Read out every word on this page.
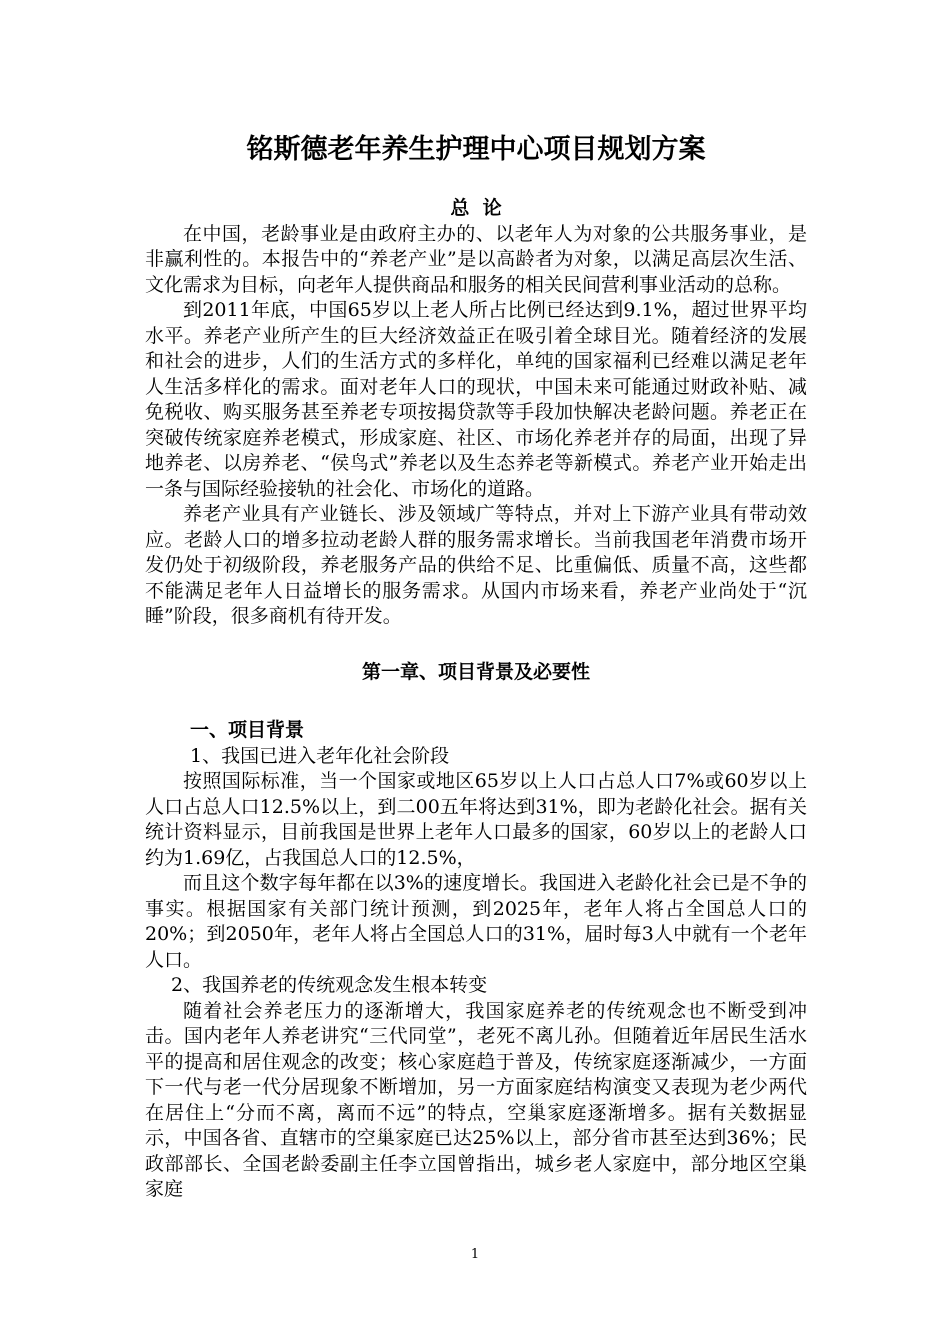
铭斯德老年养生护理中心项目规划方案

总  论

在中国，老龄事业是由政府主办的、以老年人为对象的公共服务事业，是非赢利性的。本报告中的“养老产业”是以高龄者为对象，以满足高层次生活、文化需求为目标，向老年人提供商品和服务的相关民间营利事业活动的总称。

到2011年底，中国65岁以上老人所占比例已经达到9.1%，超过世界平均水平。养老产业所产生的巨大经济效益正在吸引着全球目光。随着经济的发展和社会的进步，人们的生活方式的多样化，单纯的国家福利已经难以满足老年人生活多样化的需求。面对老年人口的现状，中国未来可能通过财政补贴、减免税收、购买服务甚至养老专项按揭贷款等手段加快解决老龄问题。养老正在突破传统家庭养老模式，形成家庭、社区、市场化养老并存的局面，出现了异地养老、以房养老、“侯鸟式”养老以及生态养老等新模式。养老产业开始走出一条与国际经验接轨的社会化、市场化的道路。

养老产业具有产业链长、涉及领域广等特点，并对上下游产业具有带动效应。老龄人口的增多拉动老龄人群的服务需求增长。当前我国老年消费市场开发仍处于初级阶段，养老服务产品的供给不足、比重偏低、质量不高，这些都不能满足老年人日益增长的服务需求。从国内市场来看，养老产业尚处于“沉睡”阶段，很多商机有待开发。

第一章、项目背景及必要性

一、项目背景

1、我国已进入老年化社会阶段

按照国际标准，当一个国家或地区65岁以上人口占总人口7%或60岁以上人口占总人口12.5%以上，到二00五年将达到31%，即为老龄化社会。据有关统计资料显示，目前我国是世界上老年人口最多的国家，60岁以上的老龄人口约为1.69亿，占我国总人口的12.5%，

而且这个数字每年都在以3%的速度增长。我国进入老龄化社会已是不争的事实。根据国家有关部门统计预测，到2025年，老年人将占全国总人口的20%；到2050年，老年人将占全国总人口的31%，届时每3人中就有一个老年人口。

2、我国养老的传统观念发生根本转变

随着社会养老压力的逐渐增大，我国家庭养老的传统观念也不断受到冲击。国内老年人养老讲究“三代同堂”，老死不离儿孙。但随着近年居民生活水平的提高和居住观念的改变；核心家庭趋于普及，传统家庭逐渐减少，一方面下一代与老一代分居现象不断增加，另一方面家庭结构演变又表现为老少两代在居住上“分而不离，离而不远”的特点，空巢家庭逐渐增多。据有关数据显示，中国各省、直辖市的空巢家庭已达25%以上，部分省市甚至达到36%；民政部部长、全国老龄委副主任李立国曾指出，城乡老人家庭中，部分地区空巢家庭

1
